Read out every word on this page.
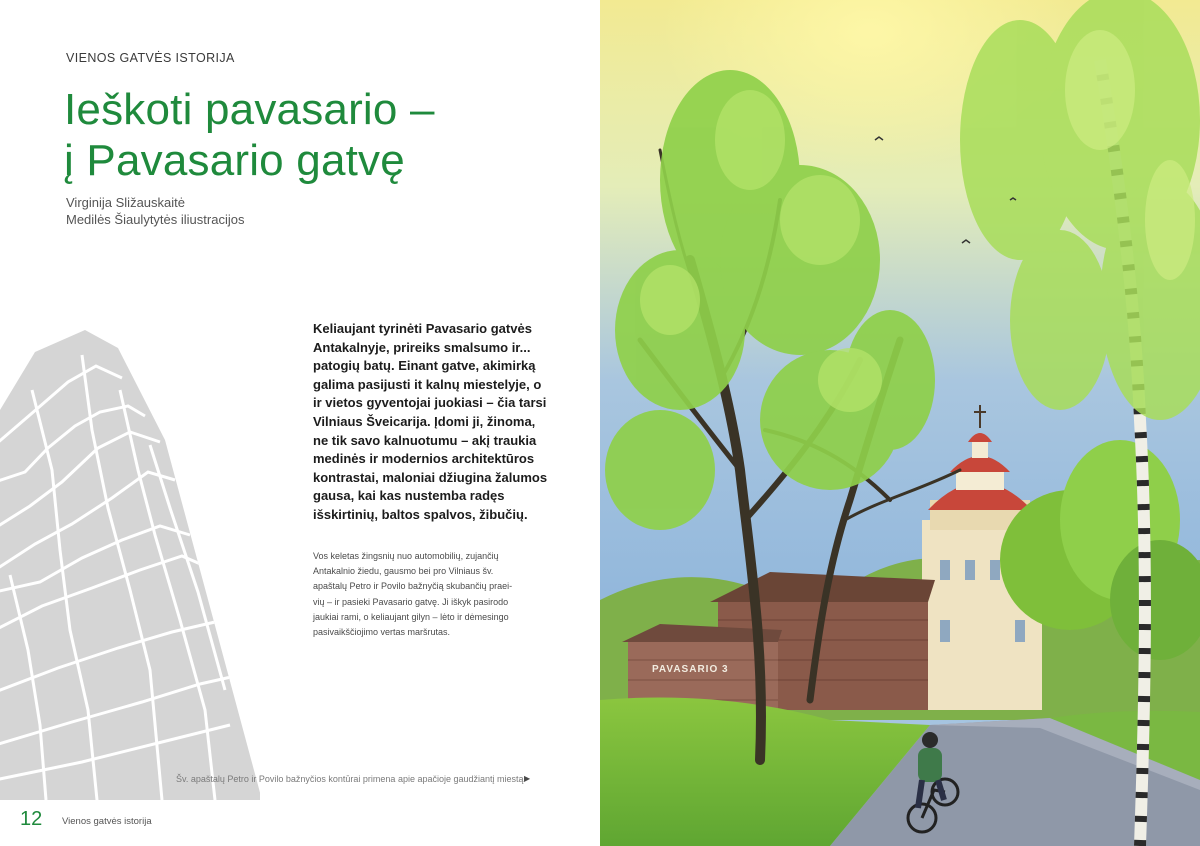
VIENOS GATVĖS ISTORIJA
Ieškoti pavasario –
į Pavasario gatvę
Virginija Sližauskaitė
Medilės Šiaulytytės iliustracijos
Keliaujant tyrinėti Pavasario gatvės
Antakalnyje, prireiks smalsumo ir...
patogių batų. Einant gatve, akimirką
galima pasijusti it kalnų miestelyje, o
ir vietos gyventojai juokiasi – čia tarsi
Vilniaus Šveicarija. Įdomi ji, žinoma,
ne tik savo kalnuotumu – akį traukia
medinės ir modernios architektūros
kontrastai, maloniai džiugina žalumos
gausa, kai kas nustemba radęs
išskirtinių, baltos spalvos, žibučių.
Vos keletas žingsnių nuo automobilių, zujančių
Antakalnio žiedu, gausmo bei pro Vilniaus šv.
apaštalų Petro ir Povilo bažnyčią skubančių praei-
vių – ir pasieki Pavasario gatvę. Ji iškyk pasirodo
jaukiai rami, o keliaujant gilyn – lėto ir dėmesingo
pasivaikščiojimo vertas maršrutas.
Šv. apaštalų Petro ir Povilo bažnyčios kontūrai primena apie apačioje gaudžiantį miestą ▶
12 Vienos gatvės istorija
PAVASARIO 3
